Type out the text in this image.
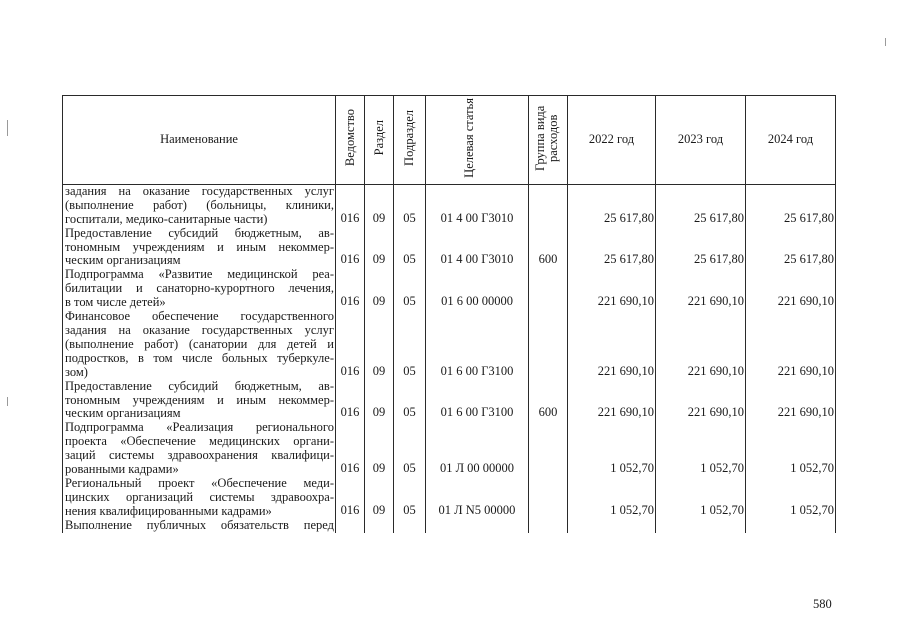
Наименование	Ведомство	Раздел	Подраздел	Целевая статья	Группа вида расходов	2022 год	2023 год	2024 год

задания на оказание государственных услуг
(выполнение работ) (больницы, клиники,
госпитали, медико-санитарные части)	016	09	05	01 4 00 Г3010		25 617,80	25 617,80	25 617,80

Предоставление субсидий бюджетным, ав-
тономным учреждениям и иным некоммер-
ческим организациям	016	09	05	01 4 00 Г3010	600	25 617,80	25 617,80	25 617,80

Подпрограмма «Развитие медицинской реа-
билитации и санаторно-курортного лечения,
в том числе детей»	016	09	05	01 6 00 00000		221 690,10	221 690,10	221 690,10

Финансовое обеспечение государственного
задания на оказание государственных услуг
(выполнение работ) (санатории для детей и
подростков, в том числе больных туберкуле-
зом)	016	09	05	01 6 00 Г3100		221 690,10	221 690,10	221 690,10

Предоставление субсидий бюджетным, ав-
тономным учреждениям и иным некоммер-
ческим организациям	016	09	05	01 6 00 Г3100	600	221 690,10	221 690,10	221 690,10

Подпрограмма «Реализация регионального
проекта «Обеспечение медицинских органи-
заций системы здравоохранения квалифици-
рованными кадрами»	016	09	05	01 Л 00 00000		1 052,70	1 052,70	1 052,70

Региональный проект «Обеспечение меди-
цинских организаций системы здравоохра-
нения квалифицированными кадрами»	016	09	05	01 Л N5 00000		1 052,70	1 052,70	1 052,70

Выполнение публичных обязательств перед								

580
